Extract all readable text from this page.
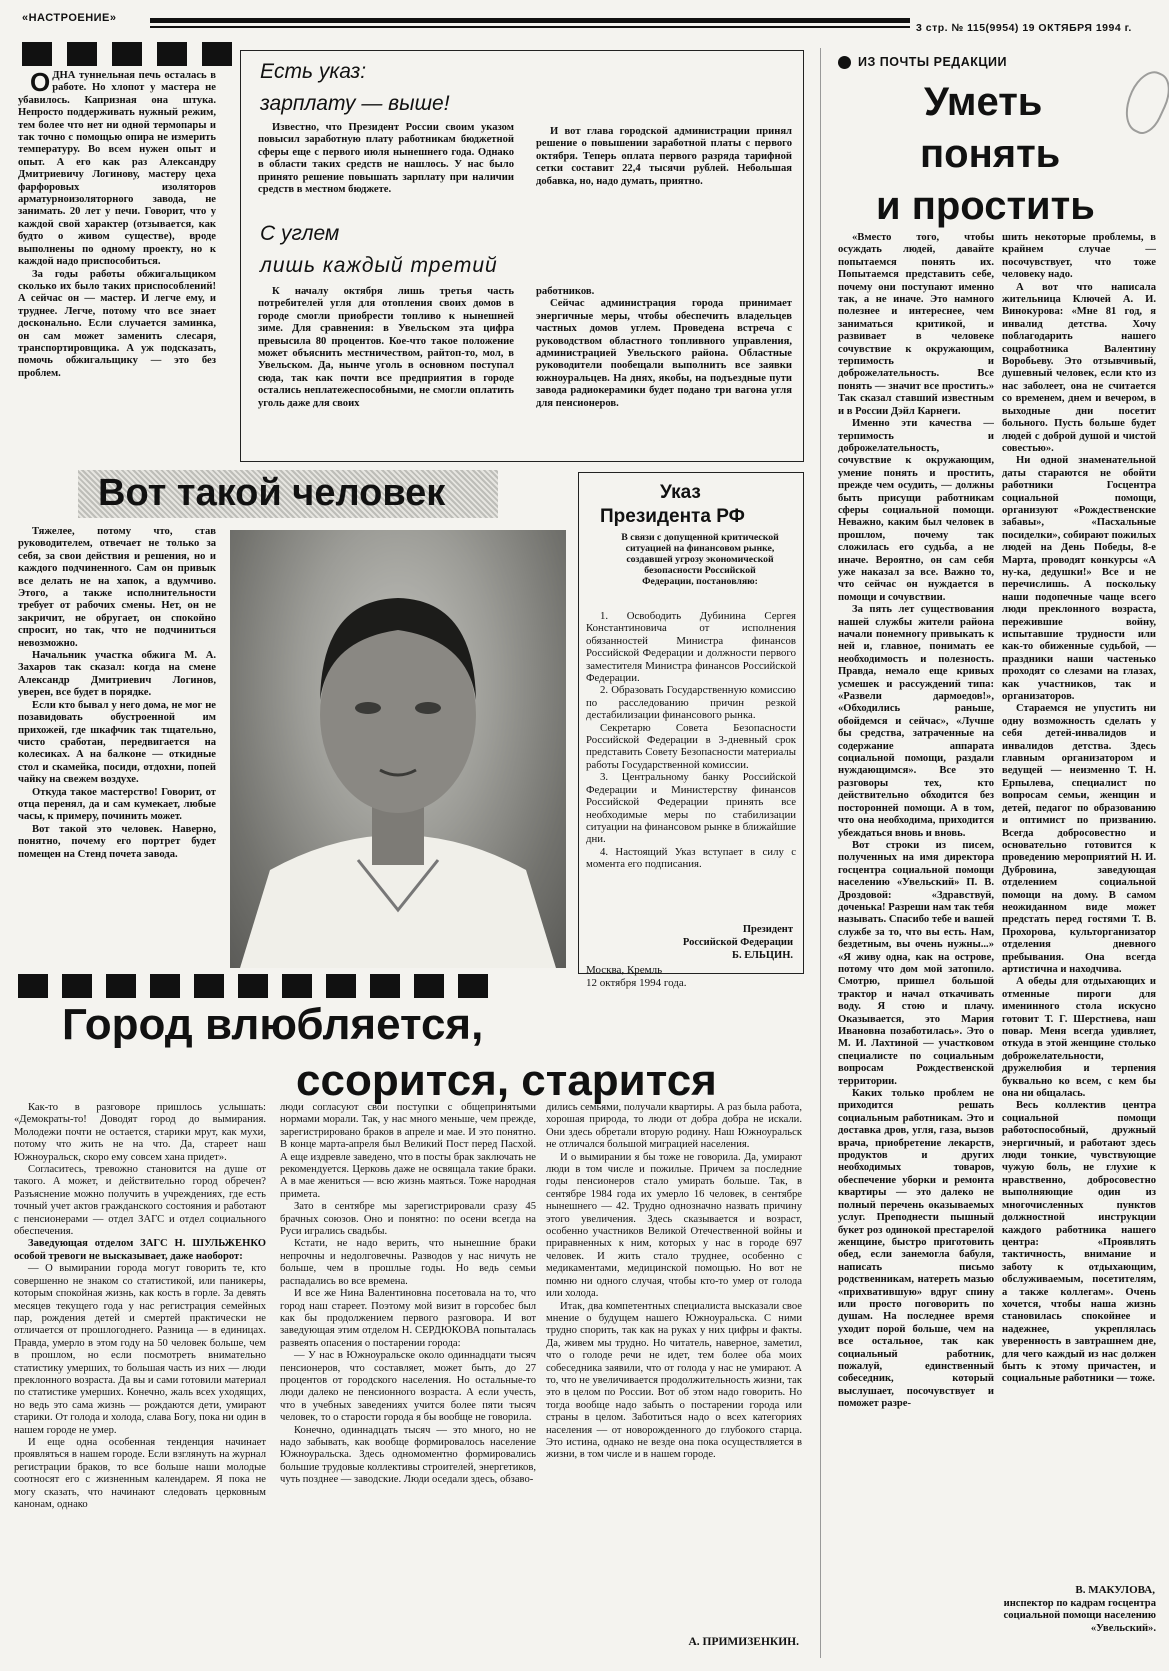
«НАСТРОЕНИЕ»
3 стр. № 115(9954) 19 ОКТЯБРЯ 1994 г.

ОДНА туннельная печь осталась в работе. Но хлопот у мастера не убавилось. Капризная она штука. Непросто поддерживать нужный режим, тем более что нет ни одной термопары и так точно с помощью опира не измерить температуру. Во всем нужен опыт и опыт. А его как раз Александру Дмитриевичу Логинову, мастеру цеха фарфоровых изоляторов арматурноизоляторного завода, не занимать. 20 лет у печи. Говорит, что у каждой свой характер (отзывается, как будто о живом существе), вроде выполнены по одному проекту, но к каждой надо приспособиться.

За годы работы обжигальщиком сколько их было таких приспособлений! А сейчас он — мастер. И легче ему, и труднее. Легче, потому что все знает досконально. Если случается заминка, он сам может заменить слесаря, транспортировщика. А уж подсказать, помочь обжигальщику — это без проблем.

Есть указ:
зарплату — выше!

Известно, что Президент России своим указом повысил заработную плату работникам бюджетной сферы еще с первого июля нынешнего года. Однако в области таких средств не нашлось. У нас было принято решение повышать зарплату при наличии средств в местном бюджете.

И вот глава городской администрации принял решение о повышении заработной платы с первого октября. Теперь оплата первого разряда тарифной сетки составит 22,4 тысячи рублей. Небольшая добавка, но, надо думать, приятно.

С углем
лишь каждый третий

К началу октября лишь третья часть потребителей угля для отопления своих домов в городе смогли приобрести топливо к нынешней зиме. Для сравнения: в Увельском эта цифра превысила 80 процентов. Кое-что такое положение может объяснить местничеством, райтоп-то, мол, в Увельском. Да, нынче уголь в основном поступал сюда, так как почти все предприятия в городе остались неплатежеспособными, не смогли оплатить уголь даже для своих

работников.

Сейчас администрация города принимает энергичные меры, чтобы обеспечить владельцев частных домов углем. Проведена встреча с руководством областного топливного управления, администрацией Увельского района. Областные руководители пообещали выполнить все заявки южноуральцев. На днях, якобы, на подъездные пути завода радиокерамики будет подано три вагона угля для пенсионеров.

Вот такой человек

Тяжелее, потому что, став руководителем, отвечает не только за себя, за свои действия и решения, но и каждого подчиненного. Сам он привык все делать не на хапок, а вдумчиво. Этого, а также исполнительности требует от рабочих смены. Нет, он не закричит, не обругает, он спокойно спросит, но так, что не подчиниться невозможно.

Начальник участка обжига М. А. Захаров так сказал: когда на смене Александр Дмитриевич Логинов, уверен, все будет в порядке.

Если кто бывал у него дома, не мог не позавидовать обустроенной им прихожей, где шкафчик так тщательно, чисто сработан, передвигается на колесиках. А на балконе — откидные стол и скамейка, посиди, отдохни, попей чайку на свежем воздухе.

Откуда такое мастерство! Говорит, от отца перенял, да и сам кумекает, любые часы, к примеру, починить может.

Вот такой это человек. Наверно, понятно, почему его портрет будет помещен на Стенд почета завода.

Указ
Президента РФ

В связи с допущенной критической ситуацией на финансовом рынке, создавшей угрозу экономической безопасности Российской Федерации, постановляю:

1. Освободить Дубинина Сергея Константиновича от исполнения обязанностей Министра финансов Российской Федерации и должности первого заместителя Министра финансов Российской Федерации.

2. Образовать Государственную комиссию по расследованию причин резкой дестабилизации финансового рынка.

Секретарю Совета Безопасности Российской Федерации в 3-дневный срок представить Совету Безопасности материалы работы Государственной комиссии.

3. Центральному банку Российской Федерации и Министерству финансов Российской Федерации принять все необходимые меры по стабилизации ситуации на финансовом рынке в ближайшие дни.

4. Настоящий Указ вступает в силу с момента его подписания.

Президент
Российской Федерации
Б. ЕЛЬЦИН.
Москва, Кремль
12 октября 1994 года.
ИЗ ПОЧТЫ РЕДАКЦИИ
Уметь
понять
и простить

«Вместо того, чтобы осуждать людей, давайте попытаемся понять их. Попытаемся представить себе, почему они поступают именно так, а не иначе. Это намного полезнее и интереснее, чем заниматься критикой, и развивает в человеке сочувствие к окружающим, терпимость и доброжелательность. Все понять — значит все простить.» Так сказал ставший известным и в России Дэйл Карнеги.

Именно эти качества — терпимость и доброжелательность, сочувствие к окружающим, умение понять и простить, прежде чем осудить, — должны быть присущи работникам сферы социальной помощи. Неважно, каким был человек в прошлом, почему так сложилась его судьба, а не иначе. Вероятно, он сам себя уже наказал за все. Важно то, что сейчас он нуждается в помощи и сочувствии.

За пять лет существования нашей службы жители района начали понемногу привыкать к ней и, главное, понимать ее необходимость и полезность. Правда, немало еще кривых усмешек и рассуждений типа: «Развели дармоедов!», «Обходились раньше, обойдемся и сейчас», «Лучше бы средства, затраченные на содержание аппарата социальной помощи, раздали нуждающимся». Все это разговоры тех, кто действительно обходится без посторонней помощи. А в том, что она необходима, приходится убеждаться вновь и вновь.

Вот строки из писем, полученных на имя директора госцентра социальной помощи населению «Увельский» П. В. Дроздовой: «Здравствуй, доченька! Разреши нам так тебя называть. Спасибо тебе и вашей службе за то, что вы есть. Нам, бездетным, вы очень нужны...» «Я живу одна, как на острове, потому что дом мой затопило. Смотрю, пришел большой трактор и начал откачивать воду. Я стою и плачу. Оказывается, это Мария Ивановна позаботилась». Это о М. И. Лахтиной — участковом специалисте по социальным вопросам Рождественской территории.

Каких только проблем не приходится решать социальным работникам. Это и доставка дров, угля, газа, вызов врача, приобретение лекарств, продуктов и других необходимых товаров, обеспечение уборки и ремонта квартиры — это далеко не полный перечень оказываемых услуг. Преподнести пышный букет роз одинокой престарелой женщине, быстро приготовить обед, если занемогла бабуля, написать письмо родственникам, натереть мазью «прихватившую» вдруг спину или просто поговорить по душам. На последнее время уходит порой больше, чем на все остальное, так как социальный работник, пожалуй, единственный собеседник, который выслушает, посочувствует и поможет разре-

шить некоторые проблемы, в крайнем случае — посочувствует, что тоже человеку надо.

А вот что написала жительница Ключей А. И. Винокурова: «Мне 81 год, я инвалид детства. Хочу поблагодарить нашего соцработника Валентину Воробьеву. Это отзывчивый, душевный человек, если кто из нас заболеет, она не считается со временем, днем и вечером, в выходные дни посетит больного. Пусть больше будет людей с доброй душой и чистой совестью».

Ни одной знаменательной даты стараются не обойти работники Госцентра социальной помощи, организуют «Рождественские забавы», «Пасхальные посиделки», собирают пожилых людей на День Победы, 8-е Марта, проводят конкурсы «А ну-ка, дедушки!» Все и не перечислишь. А поскольку наши подопечные чаще всего люди преклонного возраста, пережившие войну, испытавшие трудности или как-то обиженные судьбой, — праздники наши частенько проходят со слезами на глазах, как участников, так и организаторов.

Стараемся не упустить ни одну возможность сделать у себя детей-инвалидов и инвалидов детства. Здесь главным организатором и ведущей — неизменно Т. Н. Ерпылева, специалист по вопросам семьи, женщин и детей, педагог по образованию и оптимист по призванию. Всегда добросовестно и основательно готовится к проведению мероприятий Н. И. Дубровина, заведующая отделением социальной помощи на дому. В самом неожиданном виде может предстать перед гостями Т. В. Прохорова, культорганизатор отделения дневного пребывания. Она всегда артистична и находчива.

А обеды для отдыхающих и отменные пироги для именинного стола искусно готовит Т. Г. Шерстнева, наш повар. Меня всегда удивляет, откуда в этой женщине столько доброжелательности, дружелюбия и терпения буквально ко всем, с кем бы она ни общалась.

Весь коллектив центра социальной помощи работоспособный, дружный энергичный, и работают здесь люди тонкие, чувствующие чужую боль, не глухие к нравственно, добросовестно выполняющие один из многочисленных пунктов должностной инструкции каждого работника нашего центра: «Проявлять тактичность, внимание и заботу к отдыхающим, обслуживаемым, посетителям, а также коллегам». Очень хочется, чтобы наша жизнь становилась спокойнее и надежнее, укреплялась уверенность в завтрашнем дне, для чего каждый из нас должен быть к этому причастен, и социальные работники — тоже.

В. МАКУЛОВА,
инспектор по кадрам госцентра социальной помощи населению «Увельский».
Город влюбляется,
ссорится, старится

Как-то в разговоре пришлось услышать: «Демократы-то! Доводят город до вымирания. Молодежи почти не остается, старики мрут, как мухи, потому что жить не на что. Да, стареет наш Южноуральск, скоро ему совсем хана придет».

Согласитесь, тревожно становится на душе от такого. А может, и действительно город обречен? Разъяснение можно получить в учреждениях, где есть точный учет актов гражданского состояния и работают с пенсионерами — отдел ЗАГС и отдел социального обеспечения.

Заведующая отделом ЗАГС Н. ШУЛЬЖЕНКО особой тревоги не высказывает, даже наоборот:

— О вымирании города могут говорить те, кто совершенно не знаком со статистикой, или паникеры, которым спокойная жизнь, как кость в горле. За девять месяцев текущего года у нас регистрация семейных пар, рождения детей и смертей практически не отличается от прошлогоднего. Разница — в единицах. Правда, умерло в этом году на 50 человек больше, чем в прошлом, но если посмотреть внимательно статистику умерших, то большая часть из них — люди преклонного возраста. Да вы и сами готовили материал по статистике умерших. Конечно, жаль всех уходящих, но ведь это сама жизнь — рождаются дети, умирают старики. От голода и холода, слава Богу, пока ни один в нашем городе не умер.

И еще одна особенная тенденция начинает проявляться в нашем городе. Если взглянуть на журнал регистрации браков, то все больше наши молодые соотносят его с жизненным календарем. Я пока не могу сказать, что начинают следовать церковным канонам, однако

люди согласуют свои поступки с общепринятыми нормами морали. Так, у нас много меньше, чем прежде, зарегистрировано браков в апреле и мае. И это понятно. В конце марта-апреля был Великий Пост перед Пасхой. А еще издревле заведено, что в посты брак заключать не рекомендуется. Церковь даже не освящала такие браки. А в мае жениться — всю жизнь маяться. Тоже народная примета.

Зато в сентябре мы зарегистрировали сразу 45 брачных союзов. Оно и понятно: по осени всегда на Руси игрались свадьбы.

Кстати, не надо верить, что нынешние браки непрочны и недолговечны. Разводов у нас ничуть не больше, чем в прошлые годы. Но ведь семьи распадались во все времена.

И все же Нина Валентиновна посетовала на то, что город наш стареет. Поэтому мой визит в горсобес был как бы продолжением первого разговора. И вот заведующая этим отделом Н. СЕРДЮКОВА попыталась развеять опасения о постарении города:

— У нас в Южноуральске около одиннадцати тысяч пенсионеров, что составляет, может быть, до 27 процентов от городского населения. Но остальные-то люди далеко не пенсионного возраста. А если учесть, что в учебных заведениях учится более пяти тысяч человек, то о старости города я бы вообще не говорила.

Конечно, одиннадцать тысяч — это много, но не надо забывать, как вообще формировалось население Южноуральска. Здесь одномоментно формировались большие трудовые коллективы строителей, энергетиков, чуть позднее — заводские. Люди оседали здесь, обзаво-

дились семьями, получали квартиры. А раз была работа, хорошая природа, то люди от добра добра не искали. Они здесь обретали вторую родину. Наш Южноуральск не отличался большой миграцией населения.

И о вымирании я бы тоже не говорила. Да, умирают люди в том числе и пожилые. Причем за последние годы пенсионеров стало умирать больше. Так, в сентябре 1984 года их умерло 16 человек, в сентябре нынешнего — 42. Трудно однозначно назвать причину этого увеличения. Здесь сказывается и возраст, особенно участников Великой Отечественной войны и приравненных к ним, которых у нас в городе 697 человек. И жить стало труднее, особенно с медикаментами, медицинской помощью. Но вот не помню ни одного случая, чтобы кто-то умер от голода или холода.

Итак, два компетентных специалиста высказали свое мнение о будущем нашего Южноуральска. С ними трудно спорить, так как на руках у них цифры и факты. Да, живем мы трудно. Но читатель, наверное, заметил, что о голоде речи не идет, тем более оба моих собеседника заявили, что от голода у нас не умирают. А то, что не увеличивается продолжительность жизни, так это в целом по России. Вот об этом надо говорить. Но тогда вообще надо забыть о постарении города или страны в целом. Заботиться надо о всех категориях населения — от новорожденного до глубокого старца. Это истина, однако не везде она пока осуществляется в жизни, в том числе и в нашем городе.

А. ПРИМИЗЕНКИН.
